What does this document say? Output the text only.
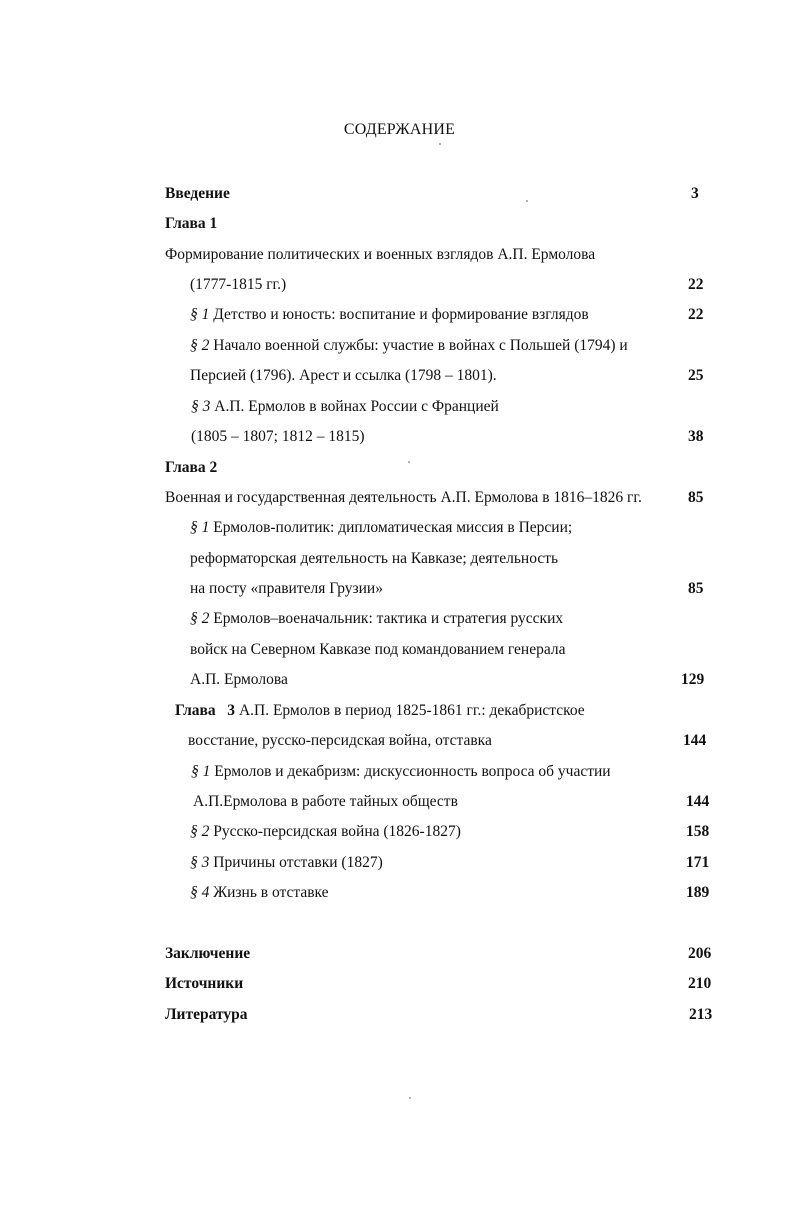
СОДЕРЖАНИЕ
Введение	3
Глава 1
Формирование политических и военных взглядов А.П. Ермолова
(1777-1815 гг.)	22
§ 1 Детство и юность: воспитание и формирование взглядов	22
§ 2 Начало военной службы: участие в войнах с Польшей (1794) и
Персией (1796). Арест и ссылка (1798 – 1801).	25
§ 3 А.П. Ермолов в войнах России с Францией
(1805 – 1807; 1812 – 1815)	38
Глава 2
Военная и государственная деятельность А.П. Ермолова в 1816–1826 гг.	85
§ 1 Ермолов-политик: дипломатическая миссия в Персии;
реформаторская деятельность на Кавказе; деятельность
на посту «правителя Грузии»	85
§ 2 Ермолов–военачальник: тактика и стратегия русских
войск на Северном Кавказе под командованием генерала
А.П. Ермолова	129
Глава   3 А.П. Ермолов в период 1825-1861 гг.: декабристское
восстание, русско-персидская война, отставка	144
§ 1 Ермолов и декабризм: дискуссионность вопроса об участии
А.П.Ермолова в работе тайных обществ	144
§ 2 Русско-персидская война (1826-1827)	158
§ 3 Причины отставки (1827)	171
§ 4 Жизнь в отставке	189
Заключение	206
Источники	210
Литература	213
